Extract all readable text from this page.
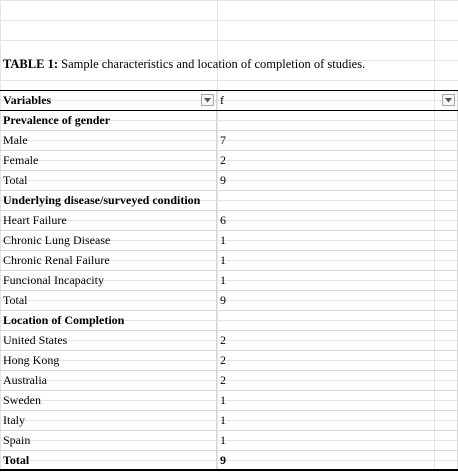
TABLE 1: Sample characteristics and location of completion of studies.
Variables	f
Prevalence of gender
Male	7
Female	2
Total	9
Underlying disease/surveyed condition
Heart Failure	6
Chronic Lung Disease	1
Chronic Renal Failure	1
Funcional Incapacity	1
Total	9
Location of Completion
United States	2
Hong Kong	2
Australia	2
Sweden	1
Italy	1
Spain	1
Total	9
